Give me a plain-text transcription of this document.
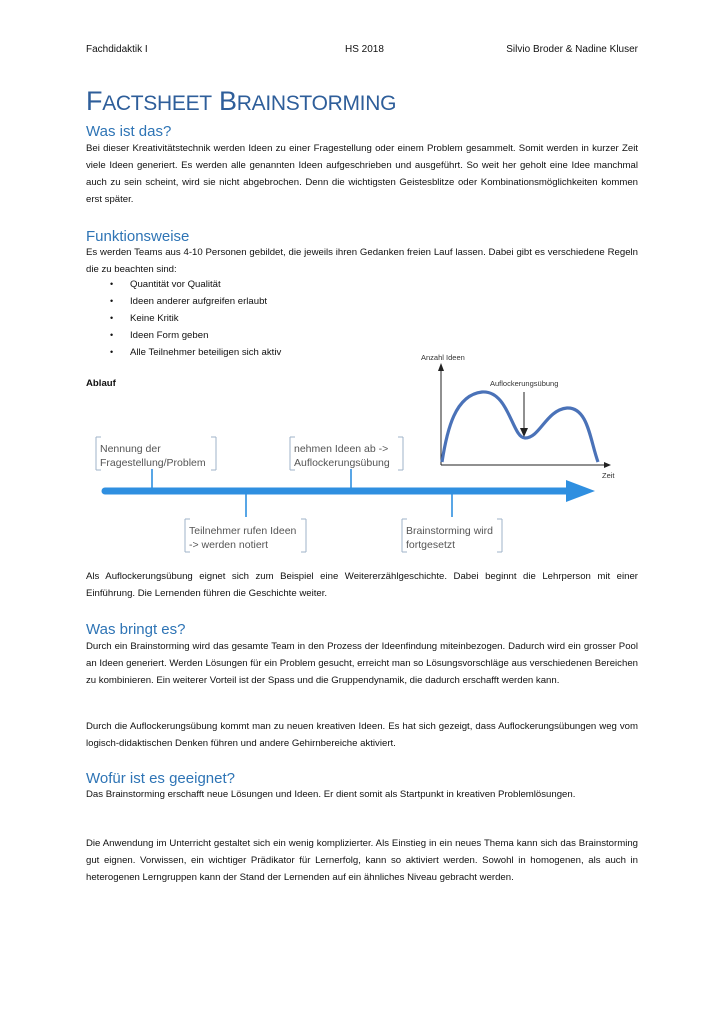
Fachdidaktik I	HS 2018	Silvio Broder & Nadine Kluser
FACTSHEET BRAINSTORMING
Was ist das?
Bei dieser Kreativitätstechnik werden Ideen zu einer Fragestellung oder einem Problem gesammelt. Somit werden in kurzer Zeit viele Ideen generiert. Es werden alle genannten Ideen aufgeschrieben und ausgeführt. So weit her geholt eine Idee manchmal auch zu sein scheint, wird sie nicht abgebrochen. Denn die wichtigsten Geistesblitze oder Kombinationsmöglichkeiten kommen erst später.
Funktionsweise
Es werden Teams aus 4-10 Personen gebildet, die jeweils ihren Gedanken freien Lauf lassen. Dabei gibt es verschiedene Regeln die zu beachten sind:
• Quantität vor Qualität
• Ideen anderer aufgreifen erlaubt
• Keine Kritik
• Ideen Form geben
• Alle Teilnehmer beteiligen sich aktiv
Ablauf
Anzahl Ideen
Zeit
Auflockerungsübung
Nennung der
Fragestellung/Problem
nehmen Ideen ab ->
Auflockerungsübung
Teilnehmer rufen Ideen
-> werden notiert
Brainstorming wird
fortgesetzt
Als Auflockerungsübung eignet sich zum Beispiel eine Weitererzählgeschichte. Dabei beginnt die Lehrperson mit einer Einführung. Die Lernenden führen die Geschichte weiter.
Was bringt es?
Durch ein Brainstorming wird das gesamte Team in den Prozess der Ideenfindung miteinbezogen. Dadurch wird ein grosser Pool an Ideen generiert. Werden Lösungen für ein Problem gesucht, erreicht man so Lösungsvorschläge aus verschiedenen Bereichen zu kombinieren. Ein weiterer Vorteil ist der Spass und die Gruppendynamik, die dadurch erschafft werden kann.
Durch die Auflockerungsübung kommt man zu neuen kreativen Ideen. Es hat sich gezeigt, dass Auflockerungsübungen weg vom logisch-didaktischen Denken führen und andere Gehirnbereiche aktiviert.
Wofür ist es geeignet?
Das Brainstorming erschafft neue Lösungen und Ideen. Er dient somit als Startpunkt in kreativen Problemlösungen.
Die Anwendung im Unterricht gestaltet sich ein wenig komplizierter. Als Einstieg in ein neues Thema kann sich das Brainstorming gut eignen. Vorwissen, ein wichtiger Prädikator für Lernerfolg, kann so aktiviert werden. Sowohl in homogenen, als auch in heterogenen Lerngruppen kann der Stand der Lernenden auf ein ähnliches Niveau gebracht werden.
